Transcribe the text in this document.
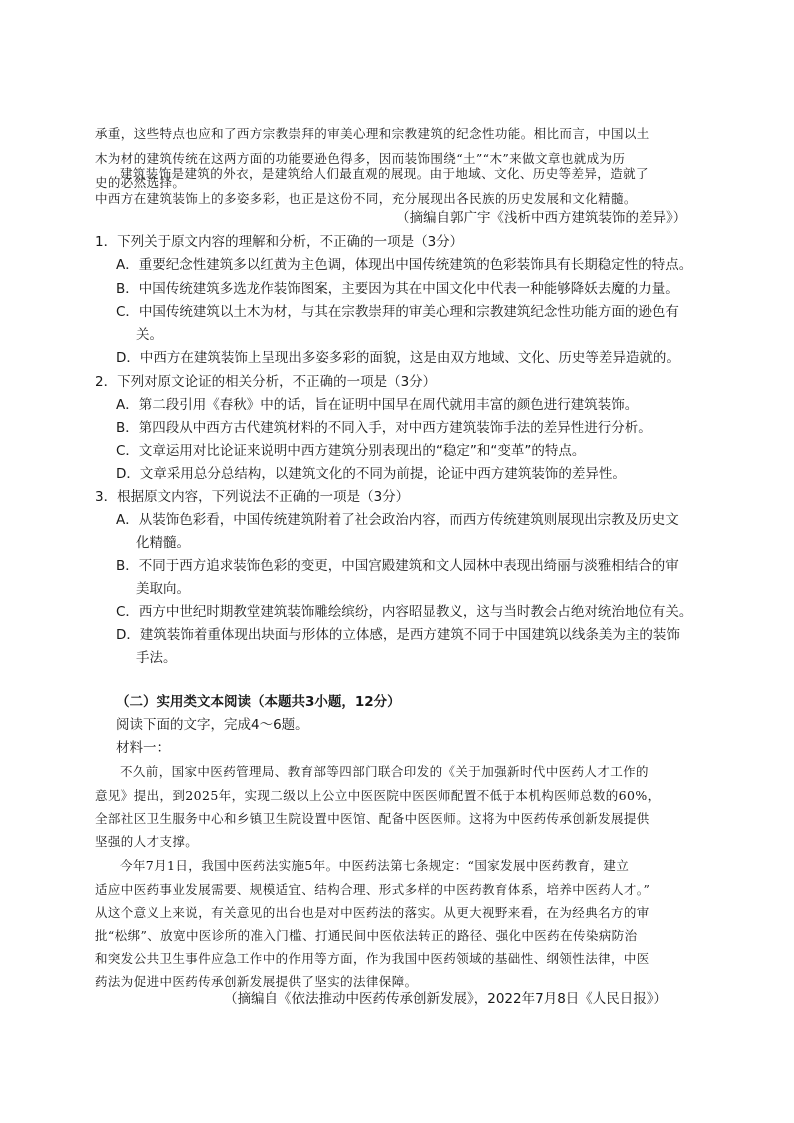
承重，这些特点也应和了西方宗教崇拜的审美心理和宗教建筑的纪念性功能。相比而言，中国以土
木为材的建筑传统在这两方面的功能要逊色得多，因而装饰围绕“土”“木”来做文章也就成为历
史的必然选择。
建筑装饰是建筑的外衣，是建筑给人们最直观的展现。由于地域、文化、历史等差异，造就了
中西方在建筑装饰上的多姿多彩，也正是这份不同，充分展现出各民族的历史发展和文化精髓。
（摘编自郭广宇《浅析中西方建筑装饰的差异》）
1．下列关于原文内容的理解和分析，不正确的一项是（3分）
A．重要纪念性建筑多以红黄为主色调，体现出中国传统建筑的色彩装饰具有长期稳定性的特点。
B．中国传统建筑多选龙作装饰图案，主要因为其在中国文化中代表一种能够降妖去魔的力量。
C．中国传统建筑以土木为材，与其在宗教崇拜的审美心理和宗教建筑纪念性功能方面的逊色有
关。
D．中西方在建筑装饰上呈现出多姿多彩的面貌，这是由双方地域、文化、历史等差异造就的。
2．下列对原文论证的相关分析，不正确的一项是（3分）
A．第二段引用《春秋》中的话，旨在证明中国早在周代就用丰富的颜色进行建筑装饰。
B．第四段从中西方古代建筑材料的不同入手，对中西方建筑装饰手法的差异性进行分析。
C．文章运用对比论证来说明中西方建筑分别表现出的“稳定”和“变革”的特点。
D．文章采用总分总结构，以建筑文化的不同为前提，论证中西方建筑装饰的差异性。
3．根据原文内容，下列说法不正确的一项是（3分）
A．从装饰色彩看，中国传统建筑附着了社会政治内容，而西方传统建筑则展现出宗教及历史文
化精髓。
B．不同于西方追求装饰色彩的变更，中国宫殿建筑和文人园林中表现出绮丽与淡雅相结合的审
美取向。
C．西方中世纪时期教堂建筑装饰雕绘缤纷，内容昭显教义，这与当时教会占绝对统治地位有关。
D．建筑装饰着重体现出块面与形体的立体感，是西方建筑不同于中国建筑以线条美为主的装饰
手法。
（二）实用类文本阅读（本题共3小题，12分）
阅读下面的文字，完成4～6题。
材料一：
不久前，国家中医药管理局、教育部等四部门联合印发的《关于加强新时代中医药人才工作的
意见》提出，到2025年，实现二级以上公立中医医院中医医师配置不低于本机构医师总数的60%，
全部社区卫生服务中心和乡镇卫生院设置中医馆、配备中医医师。这将为中医药传承创新发展提供
坚强的人才支撑。
今年7月1日，我国中医药法实施5年。中医药法第七条规定：“国家发展中医药教育，建立
适应中医药事业发展需要、规模适宜、结构合理、形式多样的中医药教育体系，培养中医药人才。”
从这个意义上来说，有关意见的出台也是对中医药法的落实。从更大视野来看，在为经典名方的审
批“松绑”、放宽中医诊所的准入门槛、打通民间中医依法转正的路径、强化中医药在传染病防治
和突发公共卫生事件应急工作中的作用等方面，作为我国中医药领域的基础性、纲领性法律，中医
药法为促进中医药传承创新发展提供了坚实的法律保障。
（摘编自《依法推动中医药传承创新发展》，2022年7月8日《人民日报》）
